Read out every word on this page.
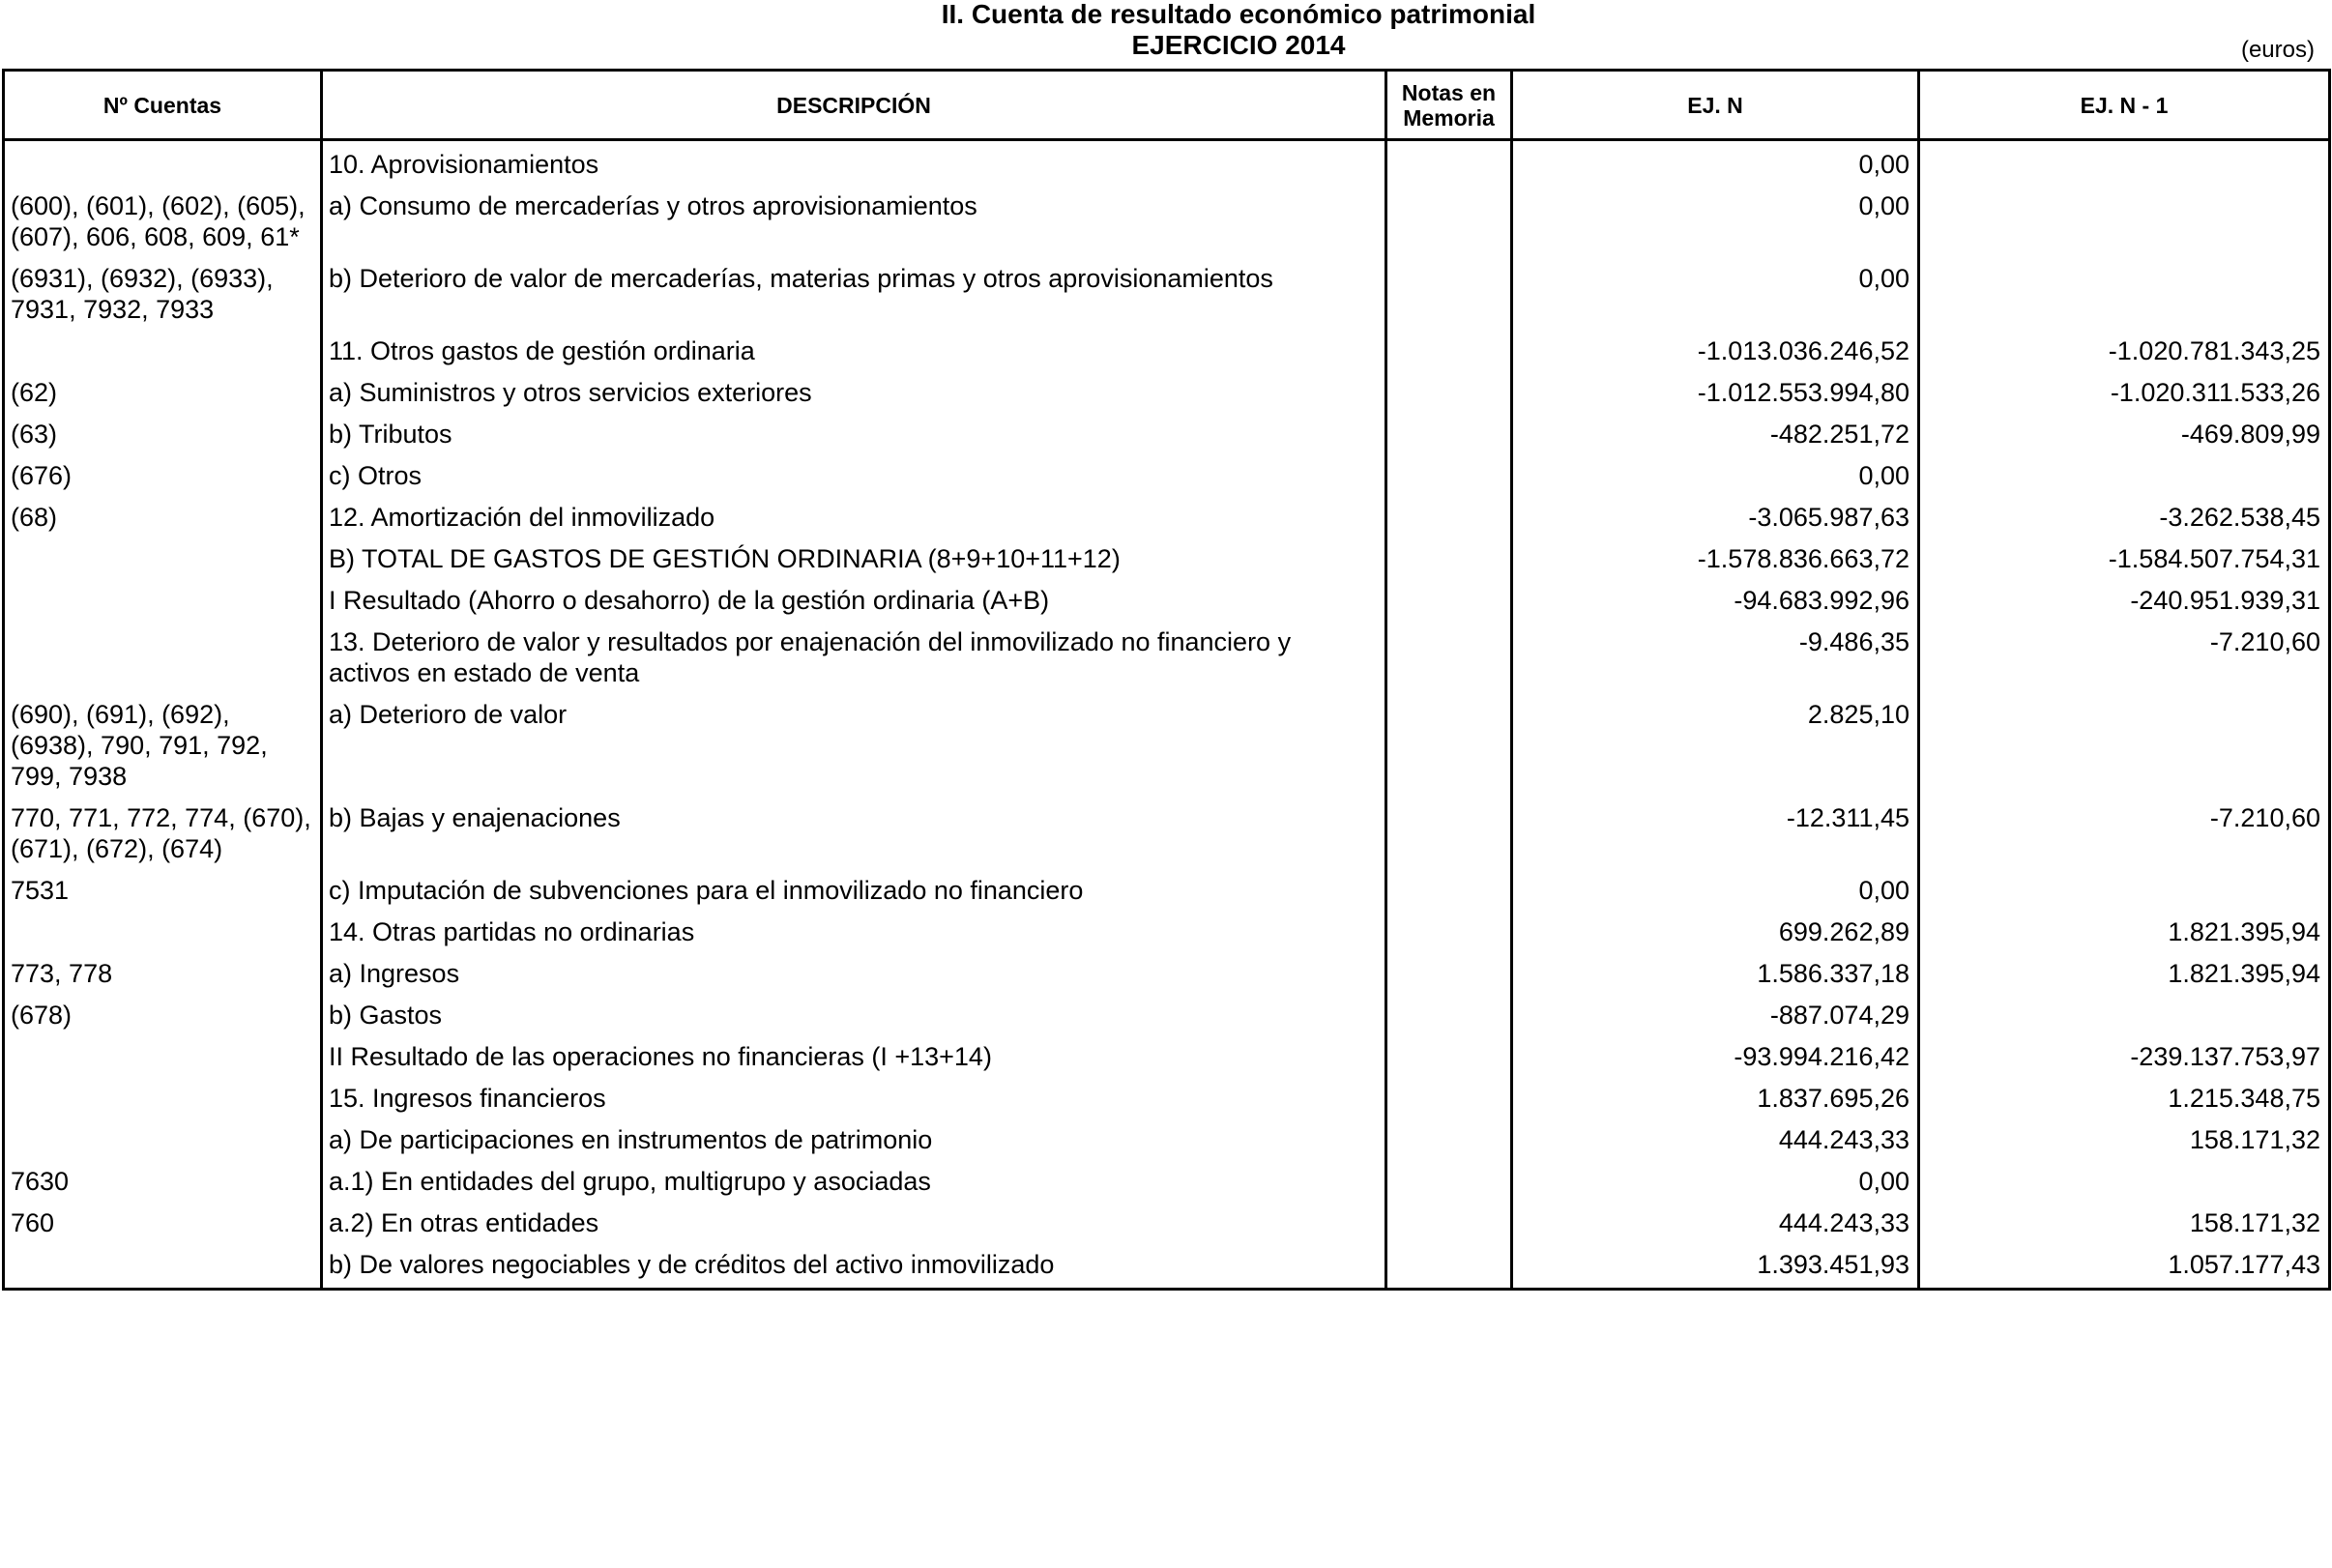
II. Cuenta de resultado económico patrimonial
EJERCICIO 2014	(euros)
Nº Cuentas	DESCRIPCIÓN	Notas en Memoria	EJ. N	EJ. N - 1
	10. Aprovisionamientos		0,00	
(600), (601), (602), (605), (607), 606, 608, 609, 61*	a) Consumo de mercaderías y otros aprovisionamientos		0,00	
(6931), (6932), (6933), 7931, 7932, 7933	b) Deterioro de valor de mercaderías, materias primas y otros aprovisionamientos		0,00	
	11. Otros gastos de gestión ordinaria		-1.013.036.246,52	-1.020.781.343,25
(62)	a) Suministros y otros servicios exteriores		-1.012.553.994,80	-1.020.311.533,26
(63)	b) Tributos		-482.251,72	-469.809,99
(676)	c) Otros		0,00	
(68)	12. Amortización del inmovilizado		-3.065.987,63	-3.262.538,45
	B) TOTAL DE GASTOS DE GESTIÓN ORDINARIA (8+9+10+11+12)		-1.578.836.663,72	-1.584.507.754,31
	I Resultado (Ahorro o desahorro) de la gestión ordinaria (A+B)		-94.683.992,96	-240.951.939,31
	13. Deterioro de valor y resultados por enajenación del inmovilizado no financiero y activos en estado de venta		-9.486,35	-7.210,60
(690), (691), (692), (6938), 790, 791, 792, 799, 7938	a) Deterioro de valor		2.825,10	
770, 771, 772, 774, (670), (671), (672), (674)	b) Bajas y enajenaciones		-12.311,45	-7.210,60
7531	c) Imputación de subvenciones para el inmovilizado no financiero		0,00	
	14. Otras partidas no ordinarias		699.262,89	1.821.395,94
773, 778	a) Ingresos		1.586.337,18	1.821.395,94
(678)	b) Gastos		-887.074,29	
	II Resultado de las operaciones no financieras (I +13+14)		-93.994.216,42	-239.137.753,97
	15. Ingresos financieros		1.837.695,26	1.215.348,75
	a) De participaciones en instrumentos de patrimonio		444.243,33	158.171,32
7630	a.1) En entidades del grupo, multigrupo y asociadas		0,00	
760	a.2) En otras entidades		444.243,33	158.171,32
	b) De valores negociables y de créditos del activo inmovilizado		1.393.451,93	1.057.177,43
